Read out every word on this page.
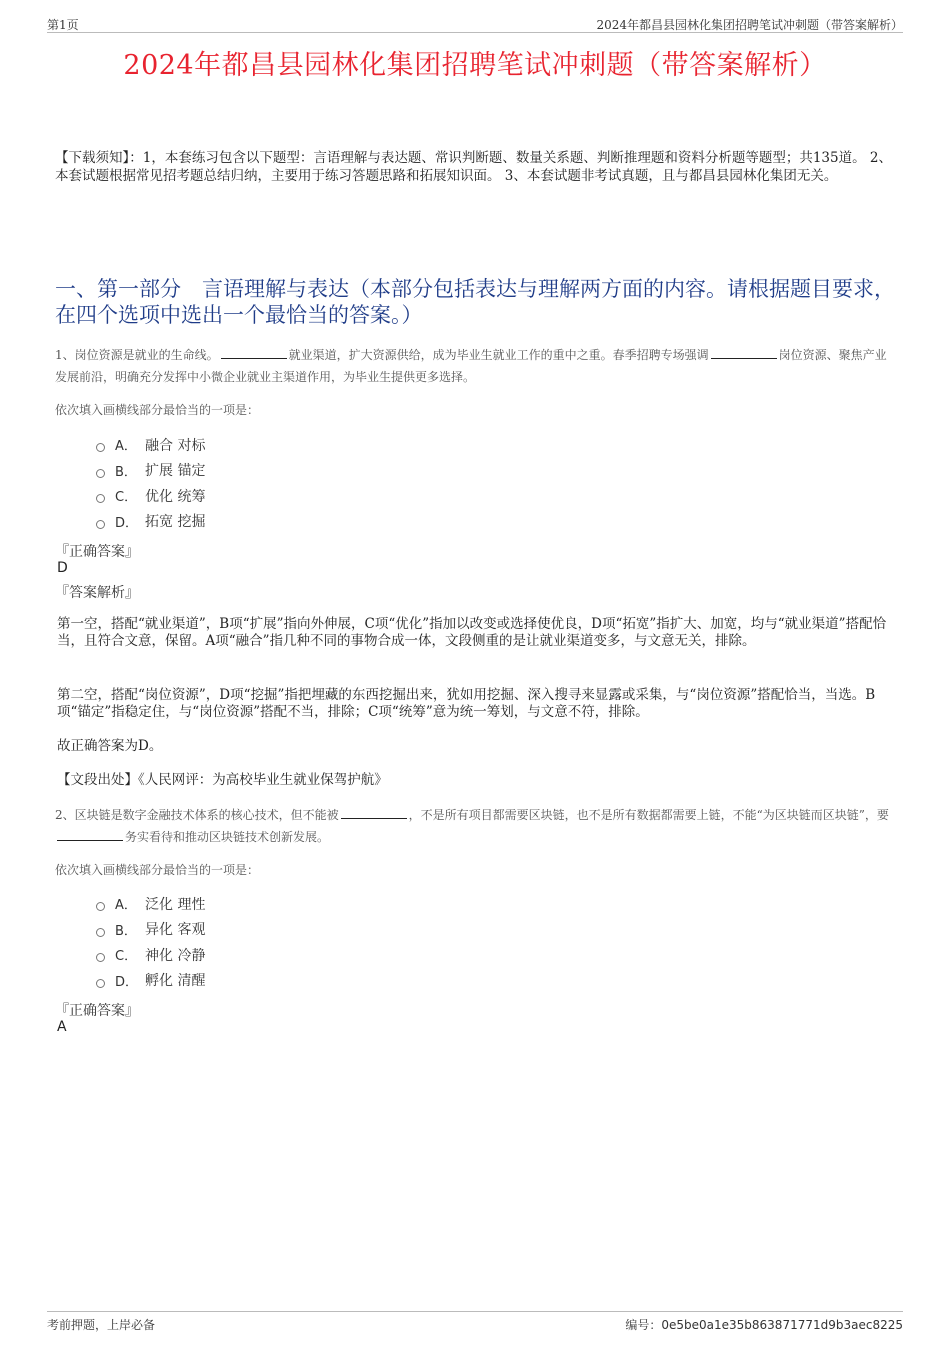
第1页	2024年都昌县园林化集团招聘笔试冲刺题（带答案解析）
2024年都昌县园林化集团招聘笔试冲刺题（带答案解析）
【下载须知】：1，本套练习包含以下题型：言语理解与表达题、常识判断题、数量关系题、判断推理题和资料分析题等题型；共135道。 2、本套试题根据常见招考题总结归纳，主要用于练习答题思路和拓展知识面。 3、本套试题非考试真题，且与都昌县园林化集团无关。
一、第一部分　言语理解与表达（本部分包括表达与理解两方面的内容。请根据题目要求，在四个选项中选出一个最恰当的答案。）
1、岗位资源是就业的生命线。	就业渠道，扩大资源供给，成为毕业生就业工作的重中之重。春季招聘专场强调	岗位资源、聚焦产业发展前沿，明确充分发挥中小微企业就业主渠道作用，为毕业生提供更多选择。
依次填入画横线部分最恰当的一项是：
A． 融合 对标
B． 扩展 锚定
C． 优化 统筹
D． 拓宽 挖掘
『正确答案』
D
『答案解析』
第一空，搭配“就业渠道”，B项“扩展”指向外伸展，C项“优化”指加以改变或选择使优良，D项“拓宽”指扩大、加宽，均与“就业渠道”搭配恰当，且符合文意，保留。A项“融合”指几种不同的事物合成一体，文段侧重的是让就业渠道变多，与文意无关，排除。
第二空，搭配“岗位资源”，D项“挖掘”指把埋藏的东西挖掘出来，犹如用挖掘、深入搜寻来显露或采集，与“岗位资源”搭配恰当，当选。B项“锚定”指稳定住，与“岗位资源”搭配不当，排除；C项“统筹”意为统一筹划，与文意不符，排除。
故正确答案为D。
【文段出处】《人民网评：为高校毕业生就业保驾护航》
2、区块链是数字金融技术体系的核心技术，但不能被	，不是所有项目都需要区块链，也不是所有数据都需要上链，不能“为区块链而区块链”，要务实看待和推动区块链技术创新发展。
依次填入画横线部分最恰当的一项是：
A． 泛化 理性
B． 异化 客观
C． 神化 冷静
D． 孵化 清醒
『正确答案』
A
考前押题，上岸必备	编号：0e5be0a1e35b863871771d9b3aec8225
